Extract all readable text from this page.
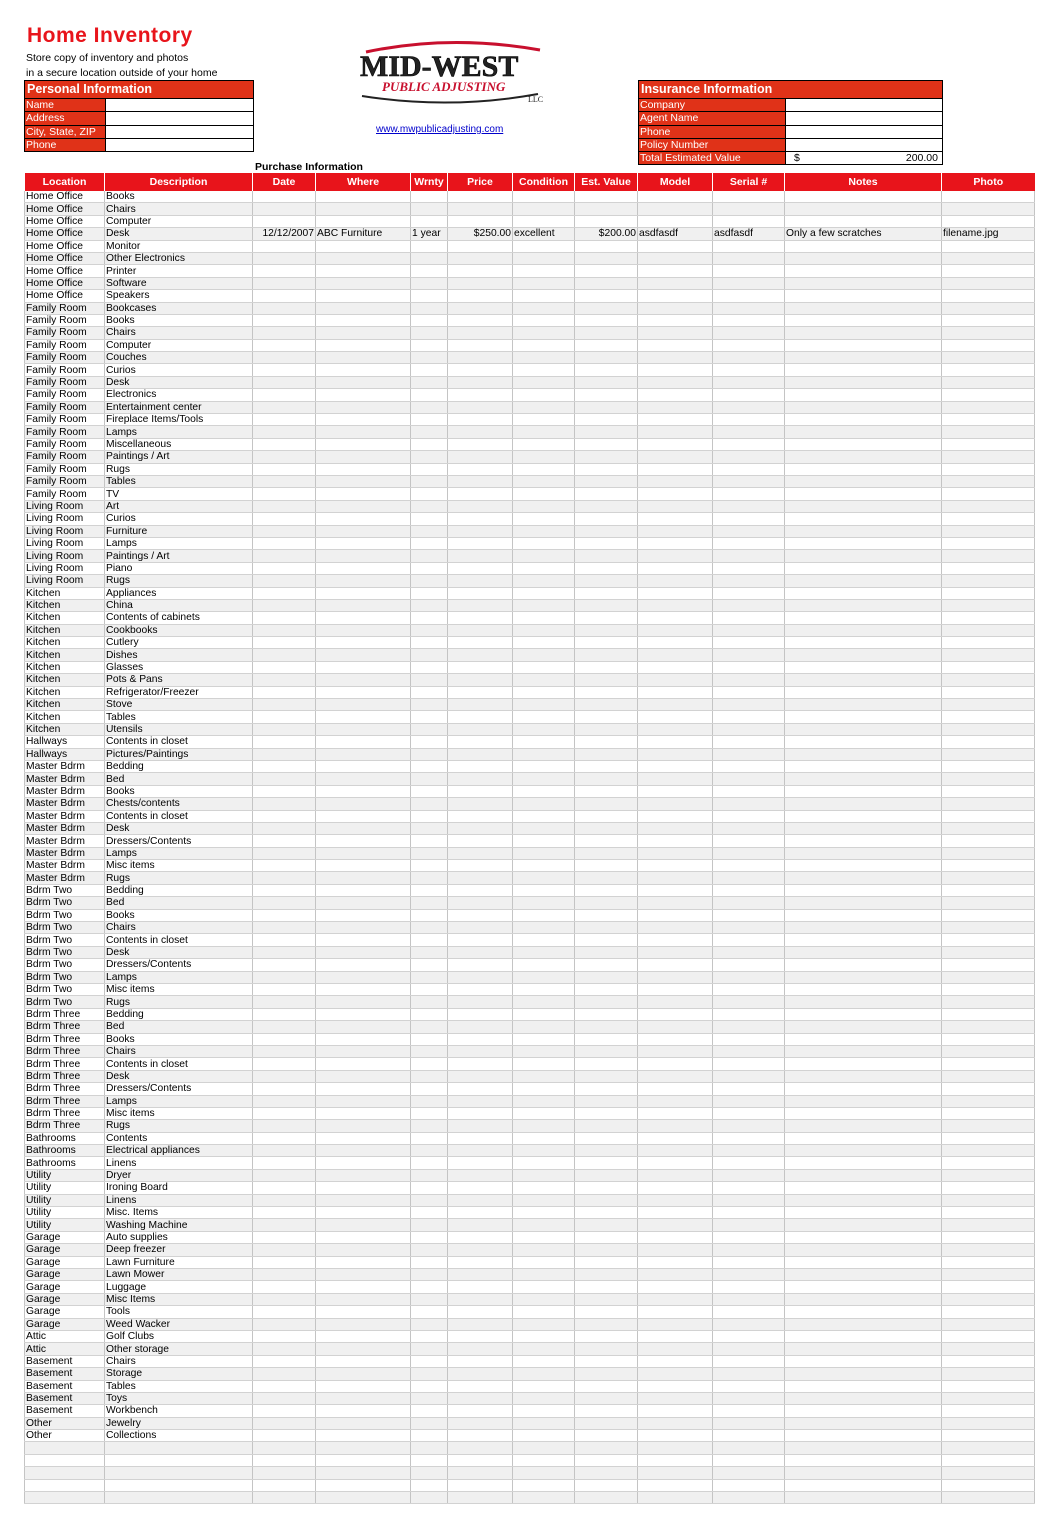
Home Inventory
Store copy of inventory and photos
in a secure location outside of your home
Personal Information
Name
Address
City, State, ZIP
Phone
MID-WEST
PUBLIC ADJUSTING
LLC
www.mwpublicadjusting.com
Insurance Information
Company
Agent Name
Phone
Policy Number
Total Estimated Value	$	200.00
Purchase Information
Location	Description	Date	Where	Wrnty	Price	Condition	Est. Value	Model	Serial #	Notes	Photo
Home Office	Books										
Home Office	Chairs										
Home Office	Computer										
Home Office	Desk	12/12/2007	ABC Furniture	1 year	$250.00	excellent	$200.00	asdfasdf	asdfasdf	Only a few scratches	filename.jpg
Home Office	Monitor										
Home Office	Other Electronics										
Home Office	Printer										
Home Office	Software										
Home Office	Speakers										
Family Room	Bookcases										
Family Room	Books										
Family Room	Chairs										
Family Room	Computer										
Family Room	Couches										
Family Room	Curios										
Family Room	Desk										
Family Room	Electronics										
Family Room	Entertainment center										
Family Room	Fireplace Items/Tools										
Family Room	Lamps										
Family Room	Miscellaneous										
Family Room	Paintings / Art										
Family Room	Rugs										
Family Room	Tables										
Family Room	TV										
Living Room	Art										
Living Room	Curios										
Living Room	Furniture										
Living Room	Lamps										
Living Room	Paintings / Art										
Living Room	Piano										
Living Room	Rugs										
Kitchen	Appliances										
Kitchen	China										
Kitchen	Contents of cabinets										
Kitchen	Cookbooks										
Kitchen	Cutlery										
Kitchen	Dishes										
Kitchen	Glasses										
Kitchen	Pots & Pans										
Kitchen	Refrigerator/Freezer										
Kitchen	Stove										
Kitchen	Tables										
Kitchen	Utensils										
Hallways	Contents in closet										
Hallways	Pictures/Paintings										
Master Bdrm	Bedding										
Master Bdrm	Bed										
Master Bdrm	Books										
Master Bdrm	Chests/contents										
Master Bdrm	Contents in closet										
Master Bdrm	Desk										
Master Bdrm	Dressers/Contents										
Master Bdrm	Lamps										
Master Bdrm	Misc items										
Master Bdrm	Rugs										
Bdrm Two	Bedding										
Bdrm Two	Bed										
Bdrm Two	Books										
Bdrm Two	Chairs										
Bdrm Two	Contents in closet										
Bdrm Two	Desk										
Bdrm Two	Dressers/Contents										
Bdrm Two	Lamps										
Bdrm Two	Misc items										
Bdrm Two	Rugs										
Bdrm Three	Bedding										
Bdrm Three	Bed										
Bdrm Three	Books										
Bdrm Three	Chairs										
Bdrm Three	Contents in closet										
Bdrm Three	Desk										
Bdrm Three	Dressers/Contents										
Bdrm Three	Lamps										
Bdrm Three	Misc items										
Bdrm Three	Rugs										
Bathrooms	Contents										
Bathrooms	Electrical appliances										
Bathrooms	Linens										
Utility	Dryer										
Utility	Ironing Board										
Utility	Linens										
Utility	Misc. Items										
Utility	Washing Machine										
Garage	Auto supplies										
Garage	Deep freezer										
Garage	Lawn Furniture										
Garage	Lawn Mower										
Garage	Luggage										
Garage	Misc Items										
Garage	Tools										
Garage	Weed Wacker										
Attic	Golf Clubs										
Attic	Other storage										
Basement	Chairs										
Basement	Storage										
Basement	Tables										
Basement	Toys										
Basement	Workbench										
Other	Jewelry										
Other	Collections										
